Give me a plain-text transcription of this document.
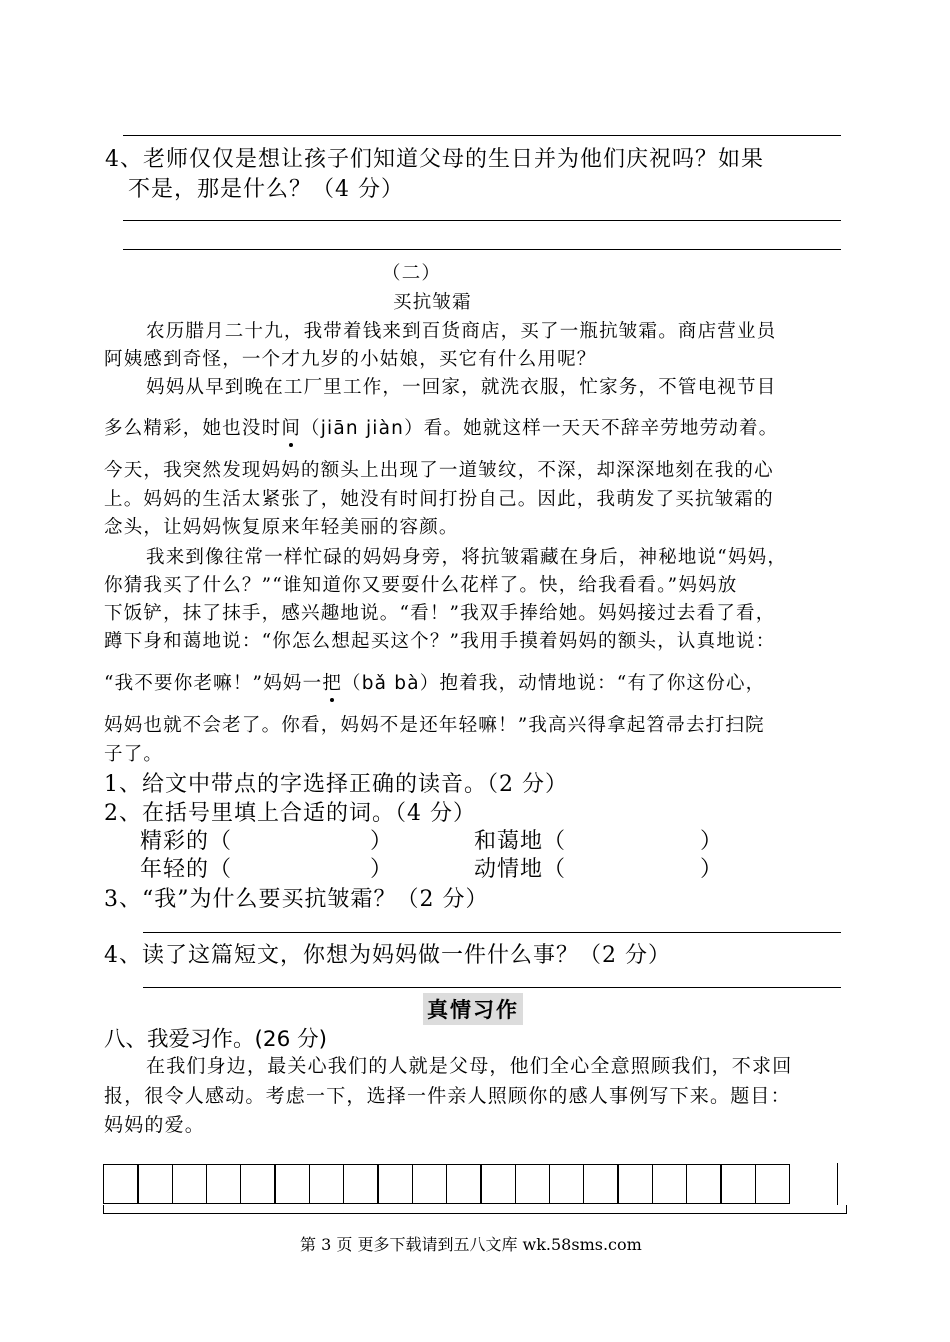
4、老师仅仅是想让孩子们知道父母的生日并为他们庆祝吗？如果
不是，那是什么？（4 分）
（二）
买抗皱霜
农历腊月二十九，我带着钱来到百货商店，买了一瓶抗皱霜。商店营业员
阿姨感到奇怪，一个才九岁的小姑娘，买它有什么用呢？
妈妈从早到晚在工厂里工作，一回家，就洗衣服，忙家务，不管电视节目
多么精彩，她也没时间（jiān jiàn）看。她就这样一天天不辞辛劳地劳动着。
今天，我突然发现妈妈的额头上出现了一道皱纹，不深，却深深地刻在我的心
上。妈妈的生活太紧张了，她没有时间打扮自己。因此，我萌发了买抗皱霜的
念头，让妈妈恢复原来年轻美丽的容颜。
我来到像往常一样忙碌的妈妈身旁，将抗皱霜藏在身后，神秘地说“妈妈，
你猜我买了什么？”“谁知道你又要耍什么花样了。快，给我看看。”妈妈放
下饭铲，抹了抹手，感兴趣地说。“看！”我双手捧给她。妈妈接过去看了看，
蹲下身和蔼地说：“你怎么想起买这个？”我用手摸着妈妈的额头，认真地说：
“我不要你老嘛！”妈妈一把（bǎ bà）抱着我，动情地说：“有了你这份心，
妈妈也就不会老了。你看，妈妈不是还年轻嘛！”我高兴得拿起笤帚去打扫院
子了。
1、给文中带点的字选择正确的读音。（2 分）
2、在括号里填上合适的词。（4 分）
精彩的（	）	和蔼地（	）
年轻的（	）	动情地（	）
3、“我”为什么要买抗皱霜？（2 分）
4、读了这篇短文，你想为妈妈做一件什么事？（2 分）
真情习作
八、我爱习作。(26 分)
在我们身边，最关心我们的人就是父母，他们全心全意照顾我们，不求回
报，很令人感动。考虑一下，选择一件亲人照顾你的感人事例写下来。题目：
妈妈的爱。
第 3 页 更多下载请到五八文库 wk.58sms.com
